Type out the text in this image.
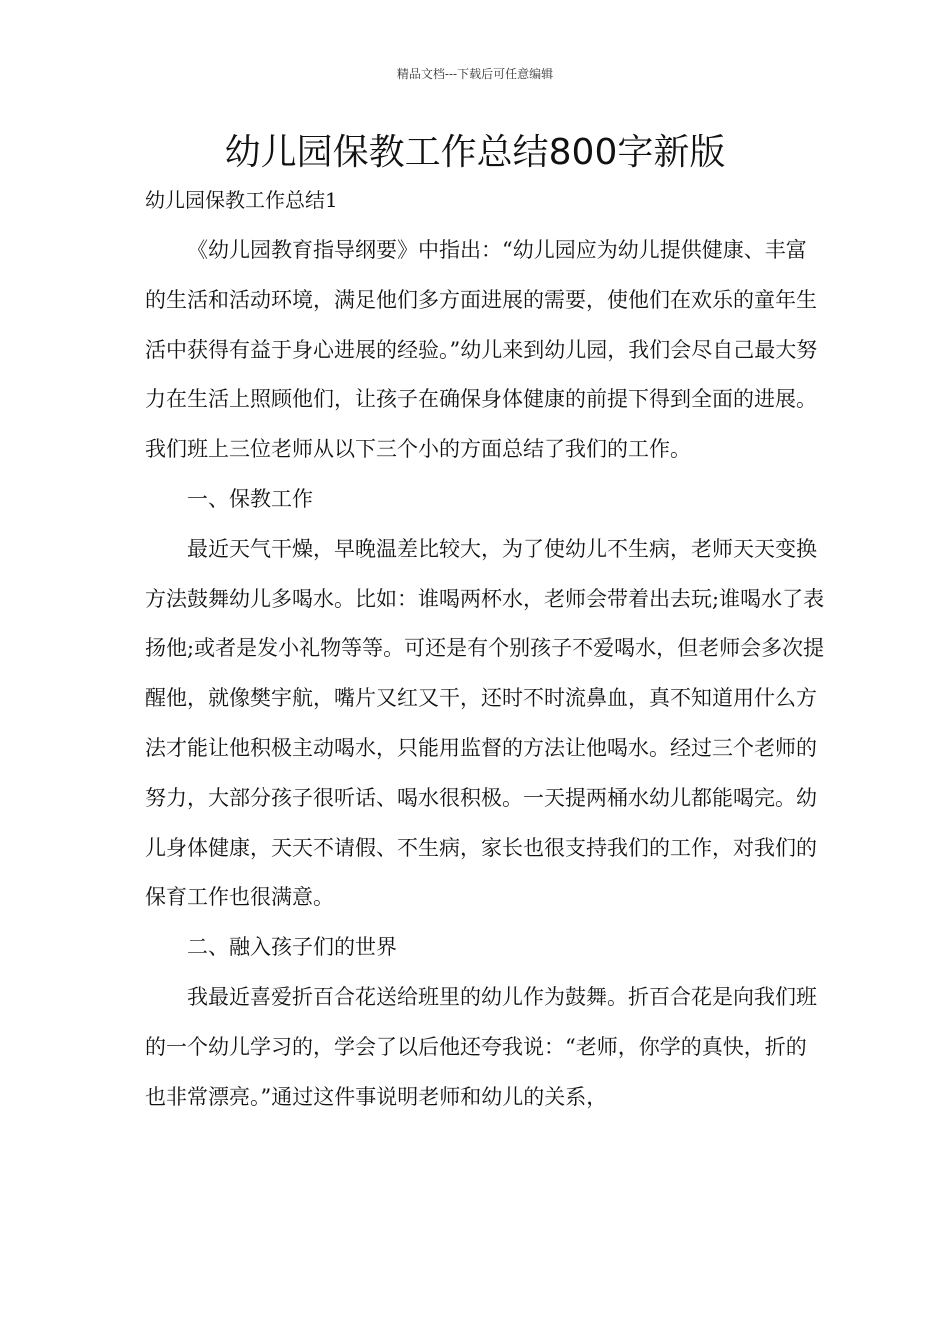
精品文档---下载后可任意编辑
幼儿园保教工作总结800字新版
幼儿园保教工作总结1

《幼儿园教育指导纲要》中指出：“幼儿园应为幼儿提供健康、丰富的生活和活动环境，满足他们多方面进展的需要，使他们在欢乐的童年生活中获得有益于身心进展的经验。”幼儿来到幼儿园，我们会尽自己最大努力在生活上照顾他们，让孩子在确保身体健康的前提下得到全面的进展。我们班上三位老师从以下三个小的方面总结了我们的工作。

一、保教工作

最近天气干燥，早晚温差比较大，为了使幼儿不生病，老师天天变换方法鼓舞幼儿多喝水。比如：谁喝两杯水，老师会带着出去玩;谁喝水了表扬他;或者是发小礼物等等。可还是有个别孩子不爱喝水，但老师会多次提醒他，就像樊宇航，嘴片又红又干，还时不时流鼻血，真不知道用什么方法才能让他积极主动喝水，只能用监督的方法让他喝水。经过三个老师的努力，大部分孩子很听话、喝水很积极。一天提两桶水幼儿都能喝完。幼儿身体健康，天天不请假、不生病，家长也很支持我们的工作，对我们的保育工作也很满意。

二、融入孩子们的世界

我最近喜爱折百合花送给班里的幼儿作为鼓舞。折百合花是向我们班的一个幼儿学习的，学会了以后他还夸我说：“老师，你学的真快，折的也非常漂亮。”通过这件事说明老师和幼儿的关系，
